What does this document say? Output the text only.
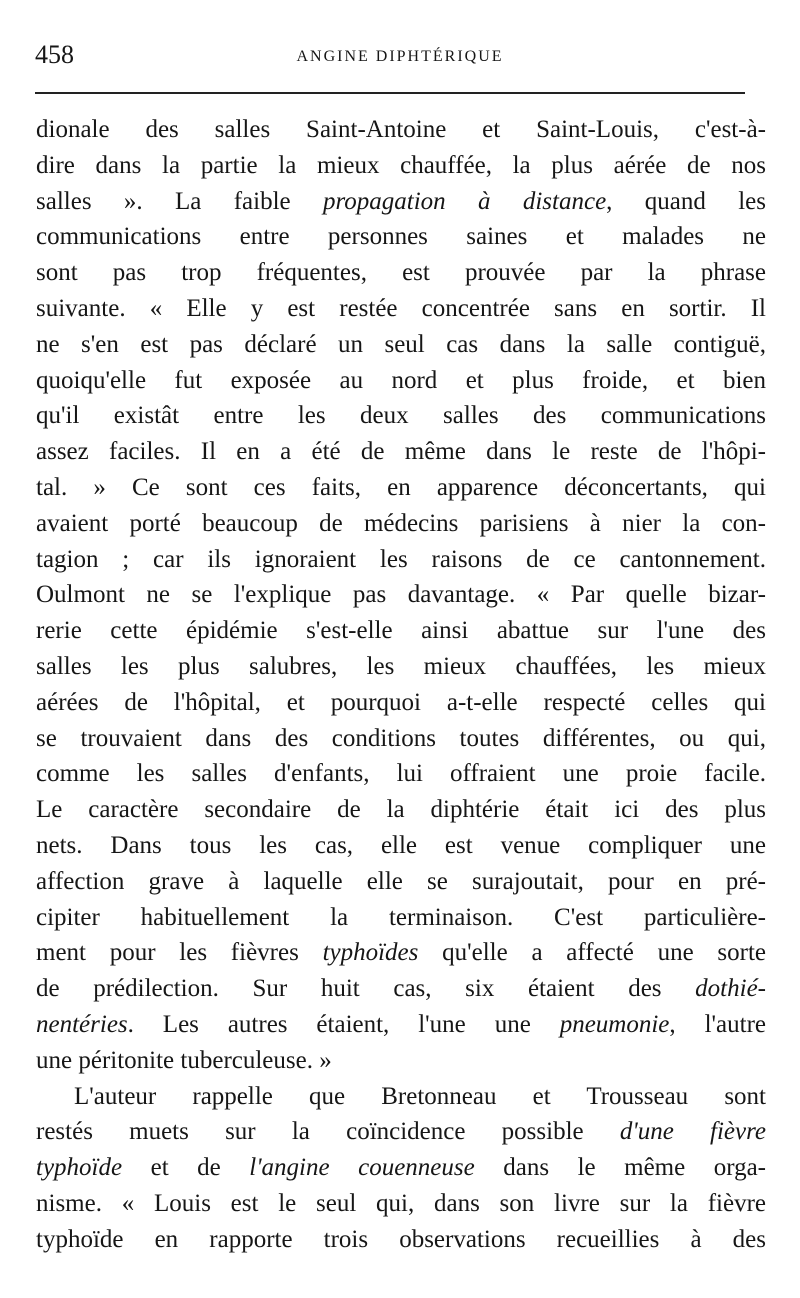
458	ANGINE DIPHTÉRIQUE
dionale des salles Saint-Antoine et Saint-Louis, c'est-à-
dire dans la partie la mieux chauffée, la plus aérée de nos
salles ». La faible propagation à distance, quand les
communications entre personnes saines et malades ne
sont pas trop fréquentes, est prouvée par la phrase
suivante. « Elle y est restée concentrée sans en sortir. Il
ne s'en est pas déclaré un seul cas dans la salle contiguë,
quoiqu'elle fut exposée au nord et plus froide, et bien
qu'il existât entre les deux salles des communications
assez faciles. Il en a été de même dans le reste de l'hôpi-
tal. » Ce sont ces faits, en apparence déconcertants, qui
avaient porté beaucoup de médecins parisiens à nier la con-
tagion ; car ils ignoraient les raisons de ce cantonnement.
Oulmont ne se l'explique pas davantage. « Par quelle bizar-
rerie cette épidémie s'est-elle ainsi abattue sur l'une des
salles les plus salubres, les mieux chauffées, les mieux
aérées de l'hôpital, et pourquoi a-t-elle respecté celles qui
se trouvaient dans des conditions toutes différentes, ou qui,
comme les salles d'enfants, lui offraient une proie facile.
Le caractère secondaire de la diphtérie était ici des plus
nets. Dans tous les cas, elle est venue compliquer une
affection grave à laquelle elle se surajoutait, pour en pré-
cipiter habituellement la terminaison. C'est particulière-
ment pour les fièvres typhoïdes qu'elle a affecté une sorte
de prédilection. Sur huit cas, six étaient des dothié-
nentéries. Les autres étaient, l'une une pneumonie, l'autre
une péritonite tuberculeuse. »
L'auteur rappelle que Bretonneau et Trousseau sont
restés muets sur la coïncidence possible d'une fièvre
typhoïde et de l'angine couenneuse dans le même orga-
nisme. « Louis est le seul qui, dans son livre sur la fièvre
typhoïde en rapporte trois observations recueillies à des
